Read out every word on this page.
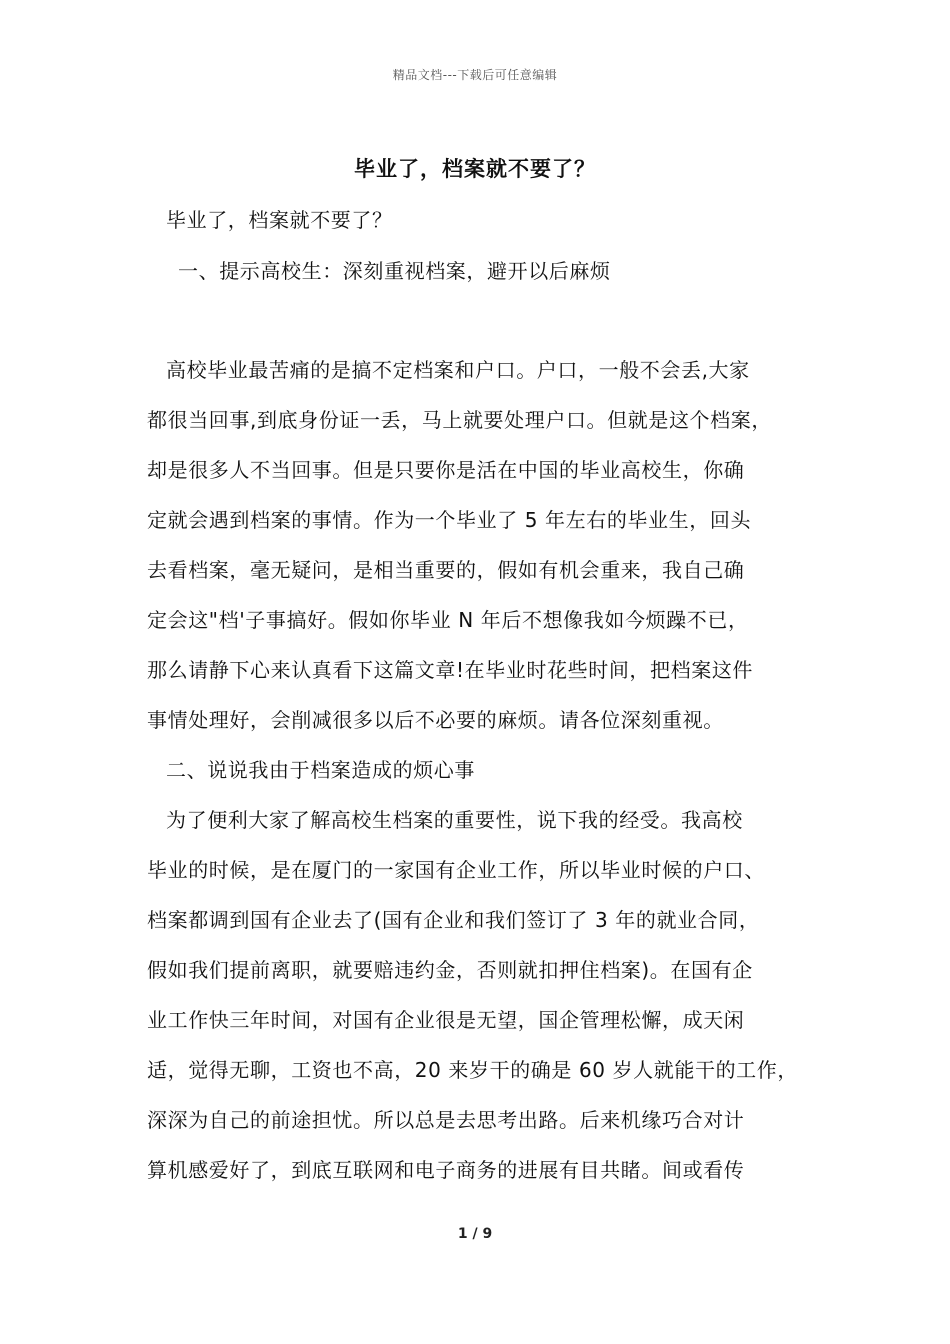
精品文档---下载后可任意编辑
毕业了，档案就不要了？
毕业了，档案就不要了？
一、提示高校生：深刻重视档案，避开以后麻烦
高校毕业最苦痛的是搞不定档案和户口。户口，一般不会丢,大家
都很当回事,到底身份证一丢，马上就要处理户口。但就是这个档案，
却是很多人不当回事。但是只要你是活在中国的毕业高校生，你确
定就会遇到档案的事情。作为一个毕业了 5 年左右的毕业生，回头
去看档案，毫无疑问，是相当重要的，假如有机会重来，我自己确
定会这"档'子事搞好。假如你毕业 N 年后不想像我如今烦躁不已，
那么请静下心来认真看下这篇文章!在毕业时花些时间，把档案这件
事情处理好，会削减很多以后不必要的麻烦。请各位深刻重视。
二、说说我由于档案造成的烦心事
为了便利大家了解高校生档案的重要性，说下我的经受。我高校
毕业的时候，是在厦门的一家国有企业工作，所以毕业时候的户口、
档案都调到国有企业去了(国有企业和我们签订了 3 年的就业合同，
假如我们提前离职，就要赔违约金，否则就扣押住档案)。在国有企
业工作快三年时间，对国有企业很是无望，国企管理松懈，成天闲
适，觉得无聊，工资也不高，20 来岁干的确是 60 岁人就能干的工作，
深深为自己的前途担忧。所以总是去思考出路。后来机缘巧合对计
算机感爱好了，到底互联网和电子商务的进展有目共睹。间或看传
1 / 9
